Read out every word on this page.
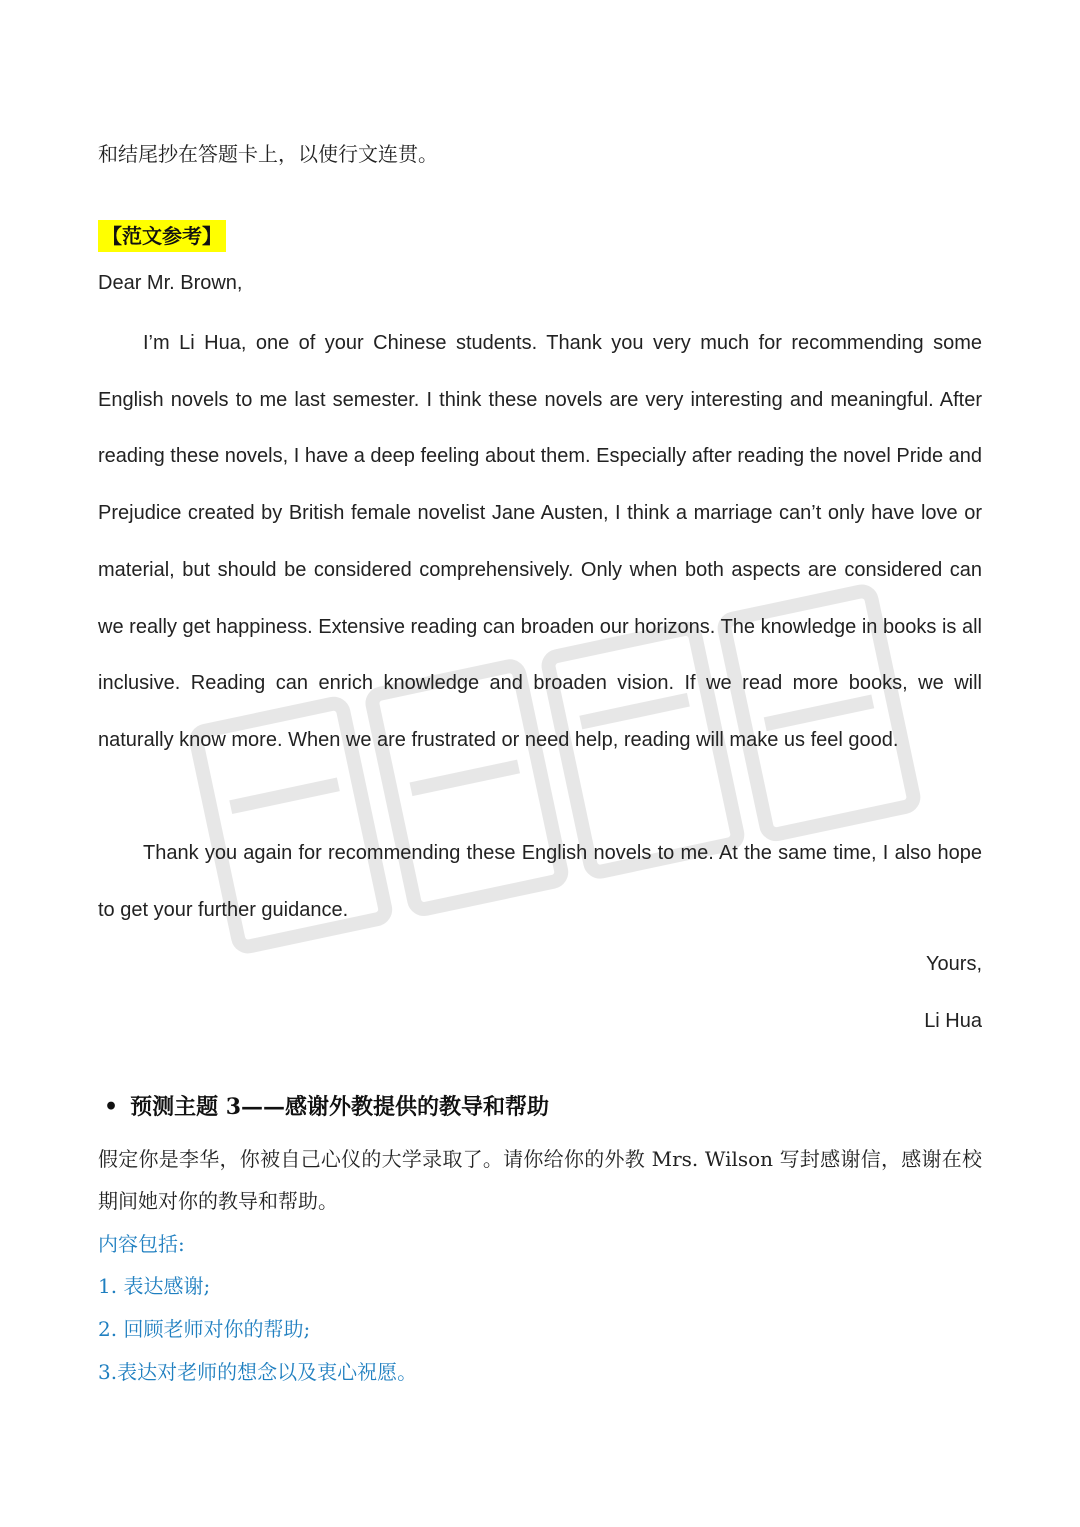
和结尾抄在答题卡上，以使行文连贯。
【范文参考】
Dear Mr. Brown,

I’m Li Hua, one of your Chinese students. Thank you very much for recommending some English novels to me last semester. I think these novels are very interesting and meaningful. After reading these novels, I have a deep feeling about them. Especially after reading the novel Pride and Prejudice created by British female novelist Jane Austen, I think a marriage can’t only have love or material, but should be considered comprehensively. Only when both aspects are considered can we really get happiness. Extensive reading can broaden our horizons. The knowledge in books is all inclusive. Reading can enrich knowledge and broaden vision. If we read more books, we will naturally know more. When we are frustrated or need help, reading will make us feel good.

Thank you again for recommending these English novels to me. At the same time, I also hope to get your further guidance.

Yours,
Li Hua
• 预测主题 3——感谢外教提供的教导和帮助
假定你是李华，你被自己心仪的大学录取了。请你给你的外教 Mrs. Wilson 写封感谢信，感谢在校期间她对你的教导和帮助。
内容包括:
1. 表达感谢;
2. 回顾老师对你的帮助;
3.表达对老师的想念以及衷心祝愿。
